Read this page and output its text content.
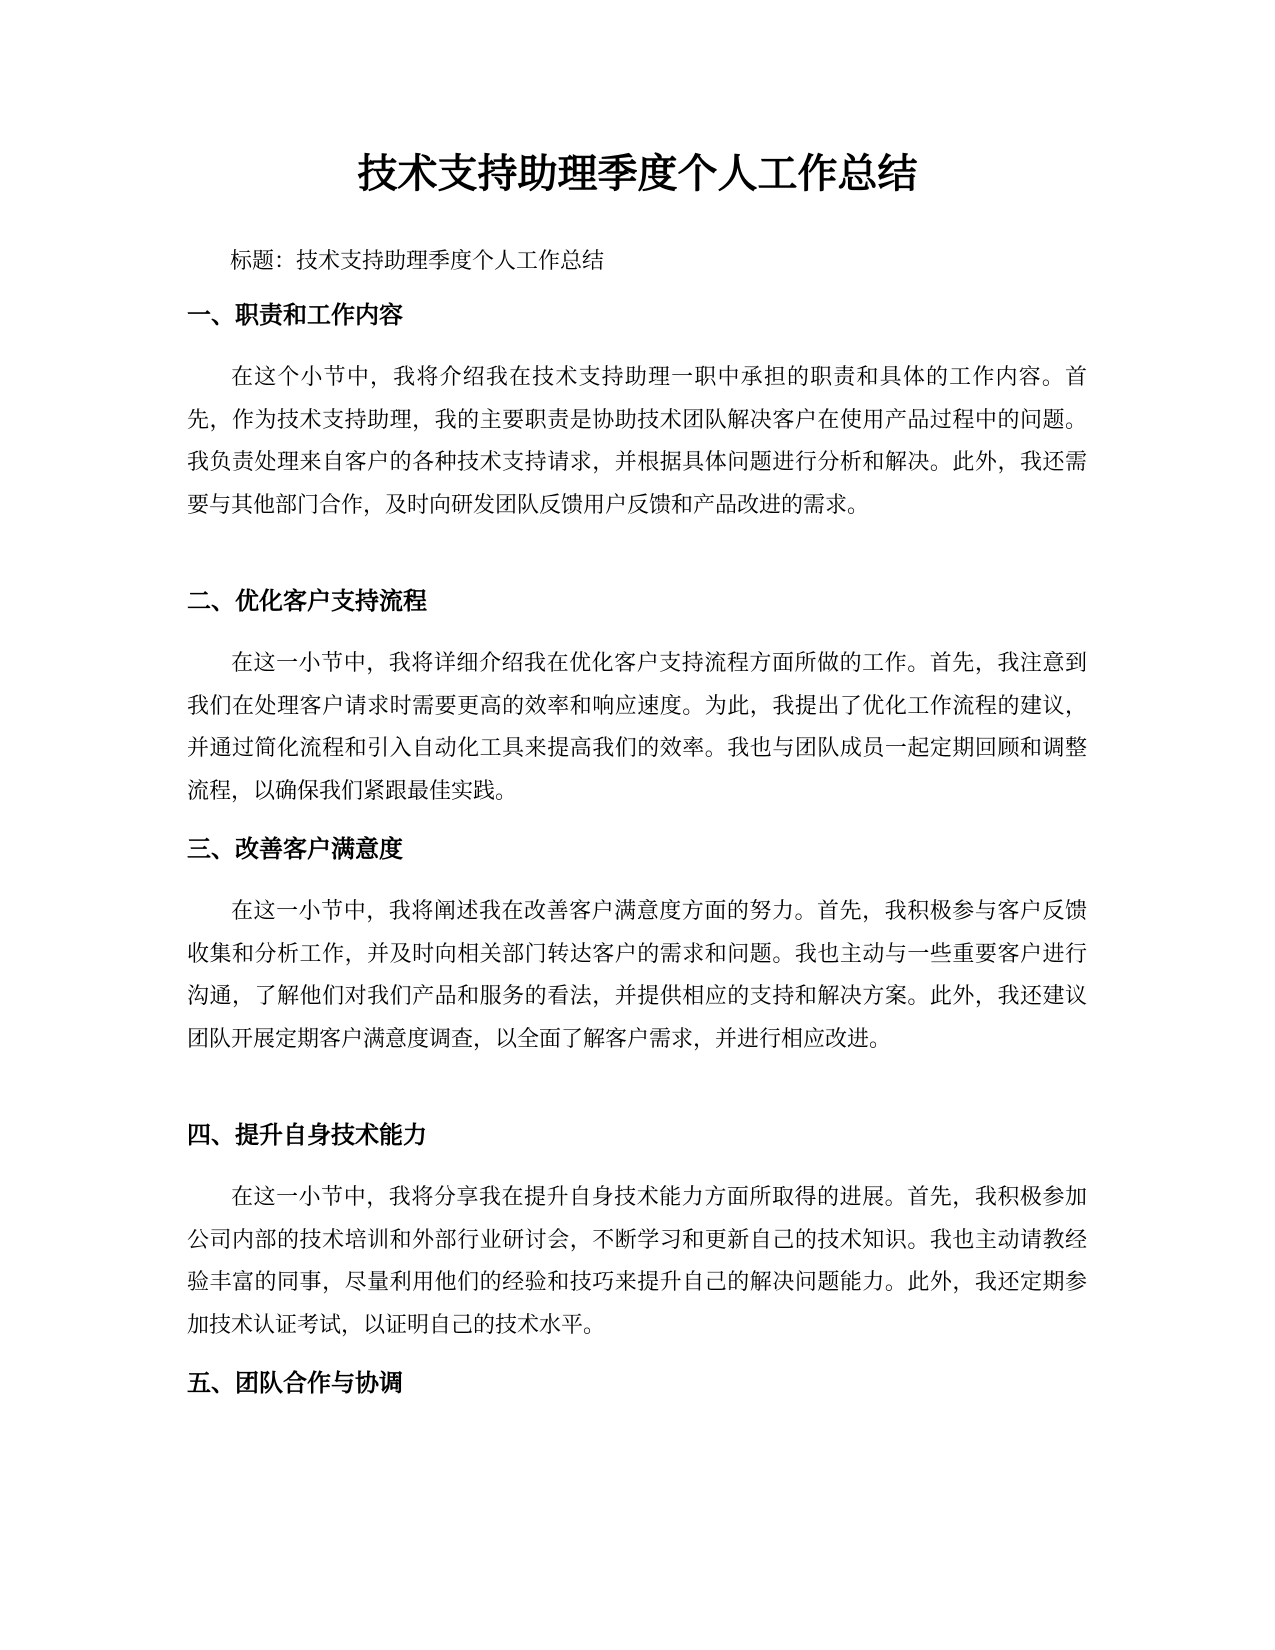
技术支持助理季度个人工作总结

标题：技术支持助理季度个人工作总结

一、职责和工作内容

在这个小节中，我将介绍我在技术支持助理一职中承担的职责和具体的工作内容。首先，作为技术支持助理，我的主要职责是协助技术团队解决客户在使用产品过程中的问题。我负责处理来自客户的各种技术支持请求，并根据具体问题进行分析和解决。此外，我还需要与其他部门合作，及时向研发团队反馈用户反馈和产品改进的需求。

二、优化客户支持流程

在这一小节中，我将详细介绍我在优化客户支持流程方面所做的工作。首先，我注意到我们在处理客户请求时需要更高的效率和响应速度。为此，我提出了优化工作流程的建议，并通过简化流程和引入自动化工具来提高我们的效率。我也与团队成员一起定期回顾和调整流程，以确保我们紧跟最佳实践。

三、改善客户满意度

在这一小节中，我将阐述我在改善客户满意度方面的努力。首先，我积极参与客户反馈收集和分析工作，并及时向相关部门转达客户的需求和问题。我也主动与一些重要客户进行沟通，了解他们对我们产品和服务的看法，并提供相应的支持和解决方案。此外，我还建议团队开展定期客户满意度调查，以全面了解客户需求，并进行相应改进。

四、提升自身技术能力

在这一小节中，我将分享我在提升自身技术能力方面所取得的进展。首先，我积极参加公司内部的技术培训和外部行业研讨会，不断学习和更新自己的技术知识。我也主动请教经验丰富的同事，尽量利用他们的经验和技巧来提升自己的解决问题能力。此外，我还定期参加技术认证考试，以证明自己的技术水平。

五、团队合作与协调
